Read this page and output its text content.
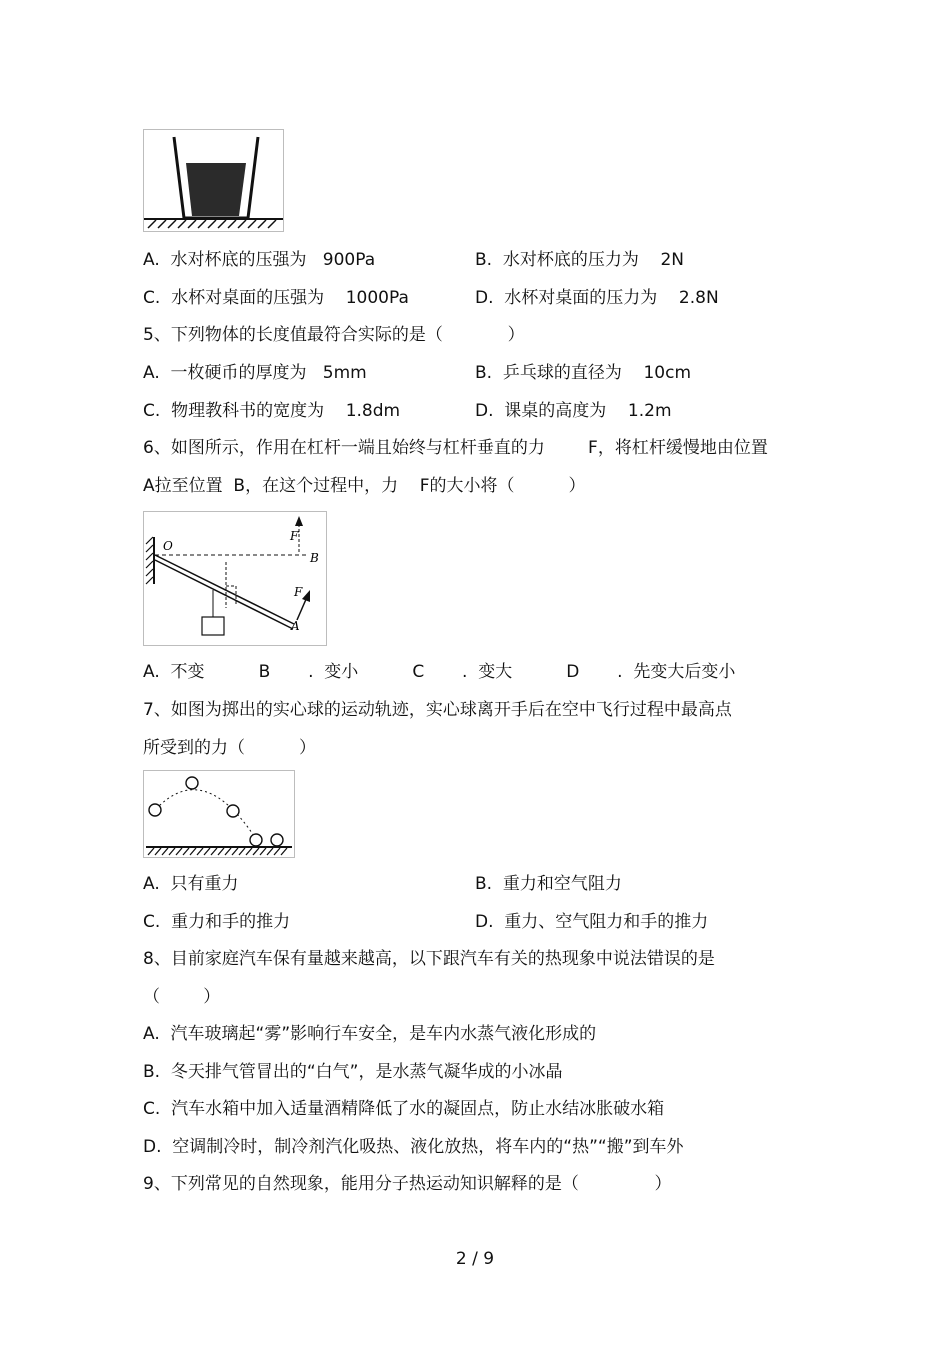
A.  水对杯底的压强为   900Pa	B.  水对杯底的压力为    2N
C.  水杯对桌面的压强为    1000Pa	D.  水杯对桌面的压力为    2.8N
5、下列物体的长度值最符合实际的是（            ）
A.  一枚硬币的厚度为   5mm	B.  乒乓球的直径为    10cm
C.  物理教科书的宽度为    1.8dm	D.  课桌的高度为    1.2m
6、如图所示，作用在杠杆一端且始终与杠杆垂直的力        F，将杠杆缓慢地由位置
A拉至位置  B，在这个过程中，力    F的大小将（          ）
O
B
F
A
F
A.  不变          B       .  变小          C       .  变大          D       .  先变大后变小
7、如图为掷出的实心球的运动轨迹，实心球离开手后在空中飞行过程中最高点
所受到的力（          ）
A.  只有重力	B.  重力和空气阻力
C.  重力和手的推力	D.  重力、空气阻力和手的推力
8、目前家庭汽车保有量越来越高，以下跟汽车有关的热现象中说法错误的是
（        ）
A.  汽车玻璃起“雾”影响行车安全，是车内水蒸气液化形成的
B.  冬天排气管冒出的“白气”，是水蒸气凝华成的小冰晶
C.  汽车水箱中加入适量酒精降低了水的凝固点，防止水结冰胀破水箱
D.  空调制冷时，制冷剂汽化吸热、液化放热，将车内的“热”“搬”到车外
9、下列常见的自然现象，能用分子热运动知识解释的是（              ）
2 / 9
